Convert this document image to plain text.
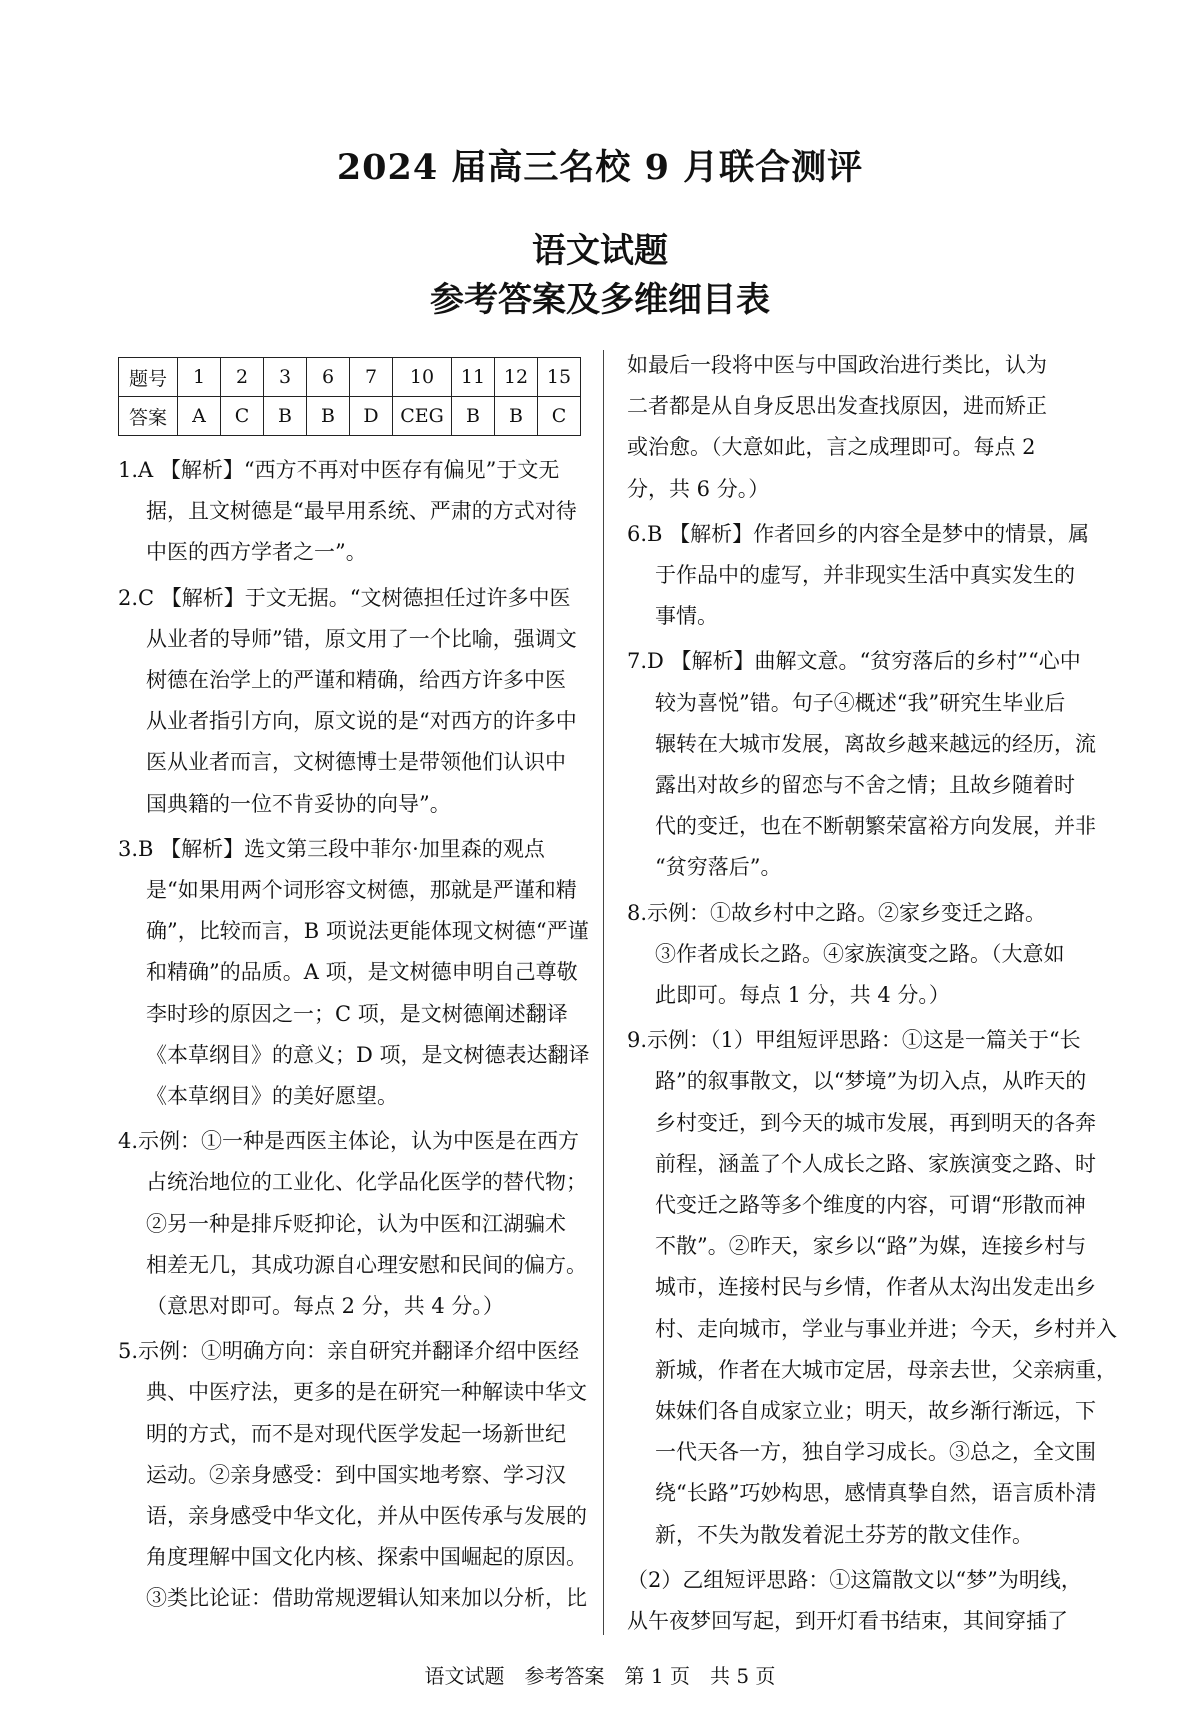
2024 届高三名校 9 月联合测评
语文试题
参考答案及多维细目表
题号	1	2	3	6	7	10	11	12	15
答案	A	C	B	B	D	CEG	B	B	C
1.A 【解析】“西方不再对中医存有偏见”于文无
据，且文树德是“最早用系统、严肃的方式对待
中医的西方学者之一”。
2.C 【解析】于文无据。“文树德担任过许多中医
从业者的导师”错，原文用了一个比喻，强调文
树德在治学上的严谨和精确，给西方许多中医
从业者指引方向，原文说的是“对西方的许多中
医从业者而言，文树德博士是带领他们认识中
国典籍的一位不肯妥协的向导”。
3.B 【解析】选文第三段中菲尔·加里森的观点
是“如果用两个词形容文树德，那就是严谨和精
确”，比较而言，B 项说法更能体现文树德“严谨
和精确”的品质。A 项，是文树德申明自己尊敬
李时珍的原因之一；C 项，是文树德阐述翻译
《本草纲目》的意义；D 项，是文树德表达翻译
《本草纲目》的美好愿望。
4.示例：①一种是西医主体论，认为中医是在西方
占统治地位的工业化、化学品化医学的替代物；
②另一种是排斥贬抑论，认为中医和江湖骗术
相差无几，其成功源自心理安慰和民间的偏方。
（意思对即可。每点 2 分，共 4 分。）
5.示例：①明确方向：亲自研究并翻译介绍中医经
典、中医疗法，更多的是在研究一种解读中华文
明的方式，而不是对现代医学发起一场新世纪
运动。②亲身感受：到中国实地考察、学习汉
语，亲身感受中华文化，并从中医传承与发展的
角度理解中国文化内核、探索中国崛起的原因。
③类比论证：借助常规逻辑认知来加以分析，比
如最后一段将中医与中国政治进行类比，认为
二者都是从自身反思出发查找原因，进而矫正
或治愈。（大意如此，言之成理即可。每点 2
分，共 6 分。）
6.B 【解析】作者回乡的内容全是梦中的情景，属
于作品中的虚写，并非现实生活中真实发生的
事情。
7.D 【解析】曲解文意。“贫穷落后的乡村”“心中
较为喜悦”错。句子④概述“我”研究生毕业后
辗转在大城市发展，离故乡越来越远的经历，流
露出对故乡的留恋与不舍之情；且故乡随着时
代的变迁，也在不断朝繁荣富裕方向发展，并非
“贫穷落后”。
8.示例：①故乡村中之路。②家乡变迁之路。
③作者成长之路。④家族演变之路。（大意如
此即可。每点 1 分，共 4 分。）
9.示例：（1）甲组短评思路：①这是一篇关于“长
路”的叙事散文，以“梦境”为切入点，从昨天的
乡村变迁，到今天的城市发展，再到明天的各奔
前程，涵盖了个人成长之路、家族演变之路、时
代变迁之路等多个维度的内容，可谓“形散而神
不散”。②昨天，家乡以“路”为媒，连接乡村与
城市，连接村民与乡情，作者从太沟出发走出乡
村、走向城市，学业与事业并进；今天，乡村并入
新城，作者在大城市定居，母亲去世，父亲病重，
妹妹们各自成家立业；明天，故乡渐行渐远，下
一代天各一方，独自学习成长。③总之，全文围
绕“长路”巧妙构思，感情真挚自然，语言质朴清
新，不失为散发着泥土芬芳的散文佳作。
（2）乙组短评思路：①这篇散文以“梦”为明线，
从午夜梦回写起，到开灯看书结束，其间穿插了
语文试题　参考答案　第 1 页　共 5 页
